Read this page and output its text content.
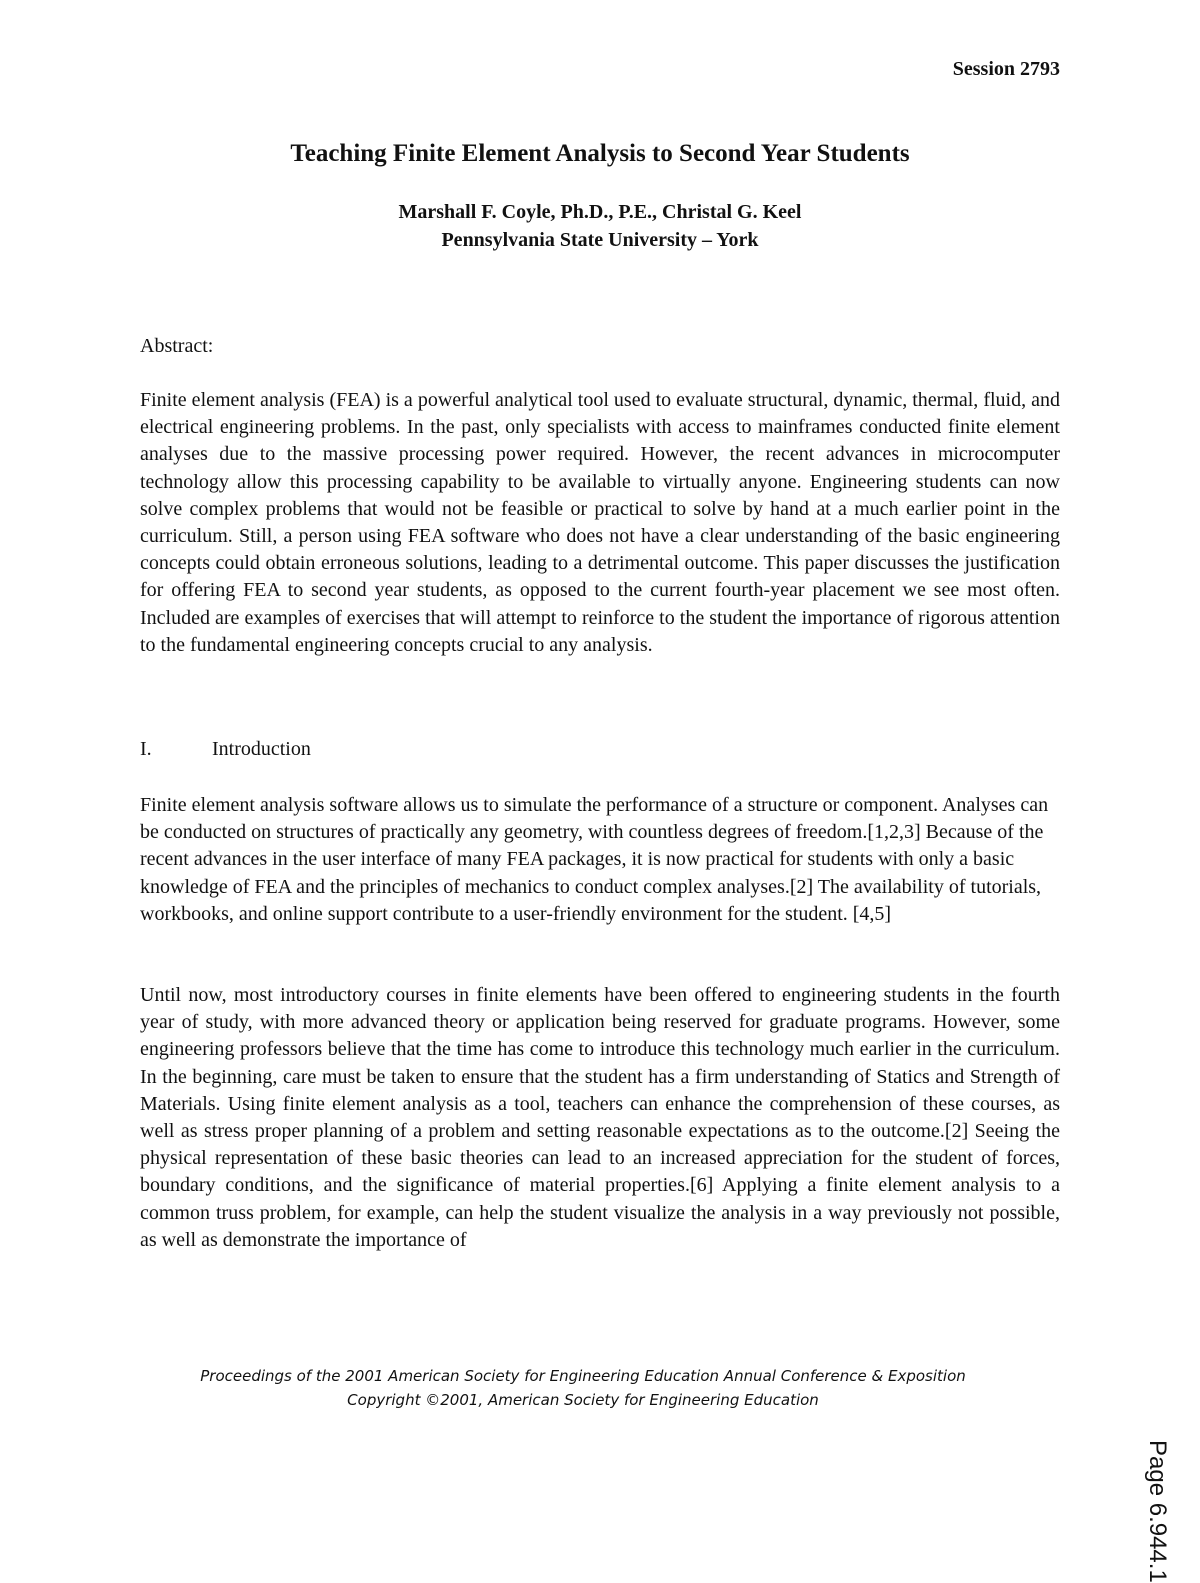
Session 2793
Teaching Finite Element Analysis to Second Year Students
Marshall F. Coyle, Ph.D., P.E., Christal G. Keel
Pennsylvania State University – York
Abstract:

Finite element analysis (FEA) is a powerful analytical tool used to evaluate structural, dynamic, thermal, fluid, and electrical engineering problems. In the past, only specialists with access to mainframes conducted finite element analyses due to the massive processing power required. However, the recent advances in microcomputer technology allow this processing capability to be available to virtually anyone. Engineering students can now solve complex problems that would not be feasible or practical to solve by hand at a much earlier point in the curriculum. Still, a person using FEA software who does not have a clear understanding of the basic engineering concepts could obtain erroneous solutions, leading to a detrimental outcome. This paper discusses the justification for offering FEA to second year students, as opposed to the current fourth-year placement we see most often. Included are examples of exercises that will attempt to reinforce to the student the importance of rigorous attention to the fundamental engineering concepts crucial to any analysis.

I.	Introduction

Finite element analysis software allows us to simulate the performance of a structure or component. Analyses can be conducted on structures of practically any geometry, with countless degrees of freedom.[1,2,3] Because of the recent advances in the user interface of many FEA packages, it is now practical for students with only a basic knowledge of FEA and the principles of mechanics to conduct complex analyses.[2] The availability of tutorials, workbooks, and online support contribute to a user-friendly environment for the student. [4,5]

Until now, most introductory courses in finite elements have been offered to engineering students in the fourth year of study, with more advanced theory or application being reserved for graduate programs. However, some engineering professors believe that the time has come to introduce this technology much earlier in the curriculum. In the beginning, care must be taken to ensure that the student has a firm understanding of Statics and Strength of Materials. Using finite element analysis as a tool, teachers can enhance the comprehension of these courses, as well as stress proper planning of a problem and setting reasonable expectations as to the outcome.[2] Seeing the physical representation of these basic theories can lead to an increased appreciation for the student of forces, boundary conditions, and the significance of material properties.[6] Applying a finite element analysis to a common truss problem, for example, can help the student visualize the analysis in a way previously not possible, as well as demonstrate the importance of

Proceedings of the 2001 American Society for Engineering Education Annual Conference & Exposition
Copyright ©2001, American Society for Engineering Education
Page 6.944.1
